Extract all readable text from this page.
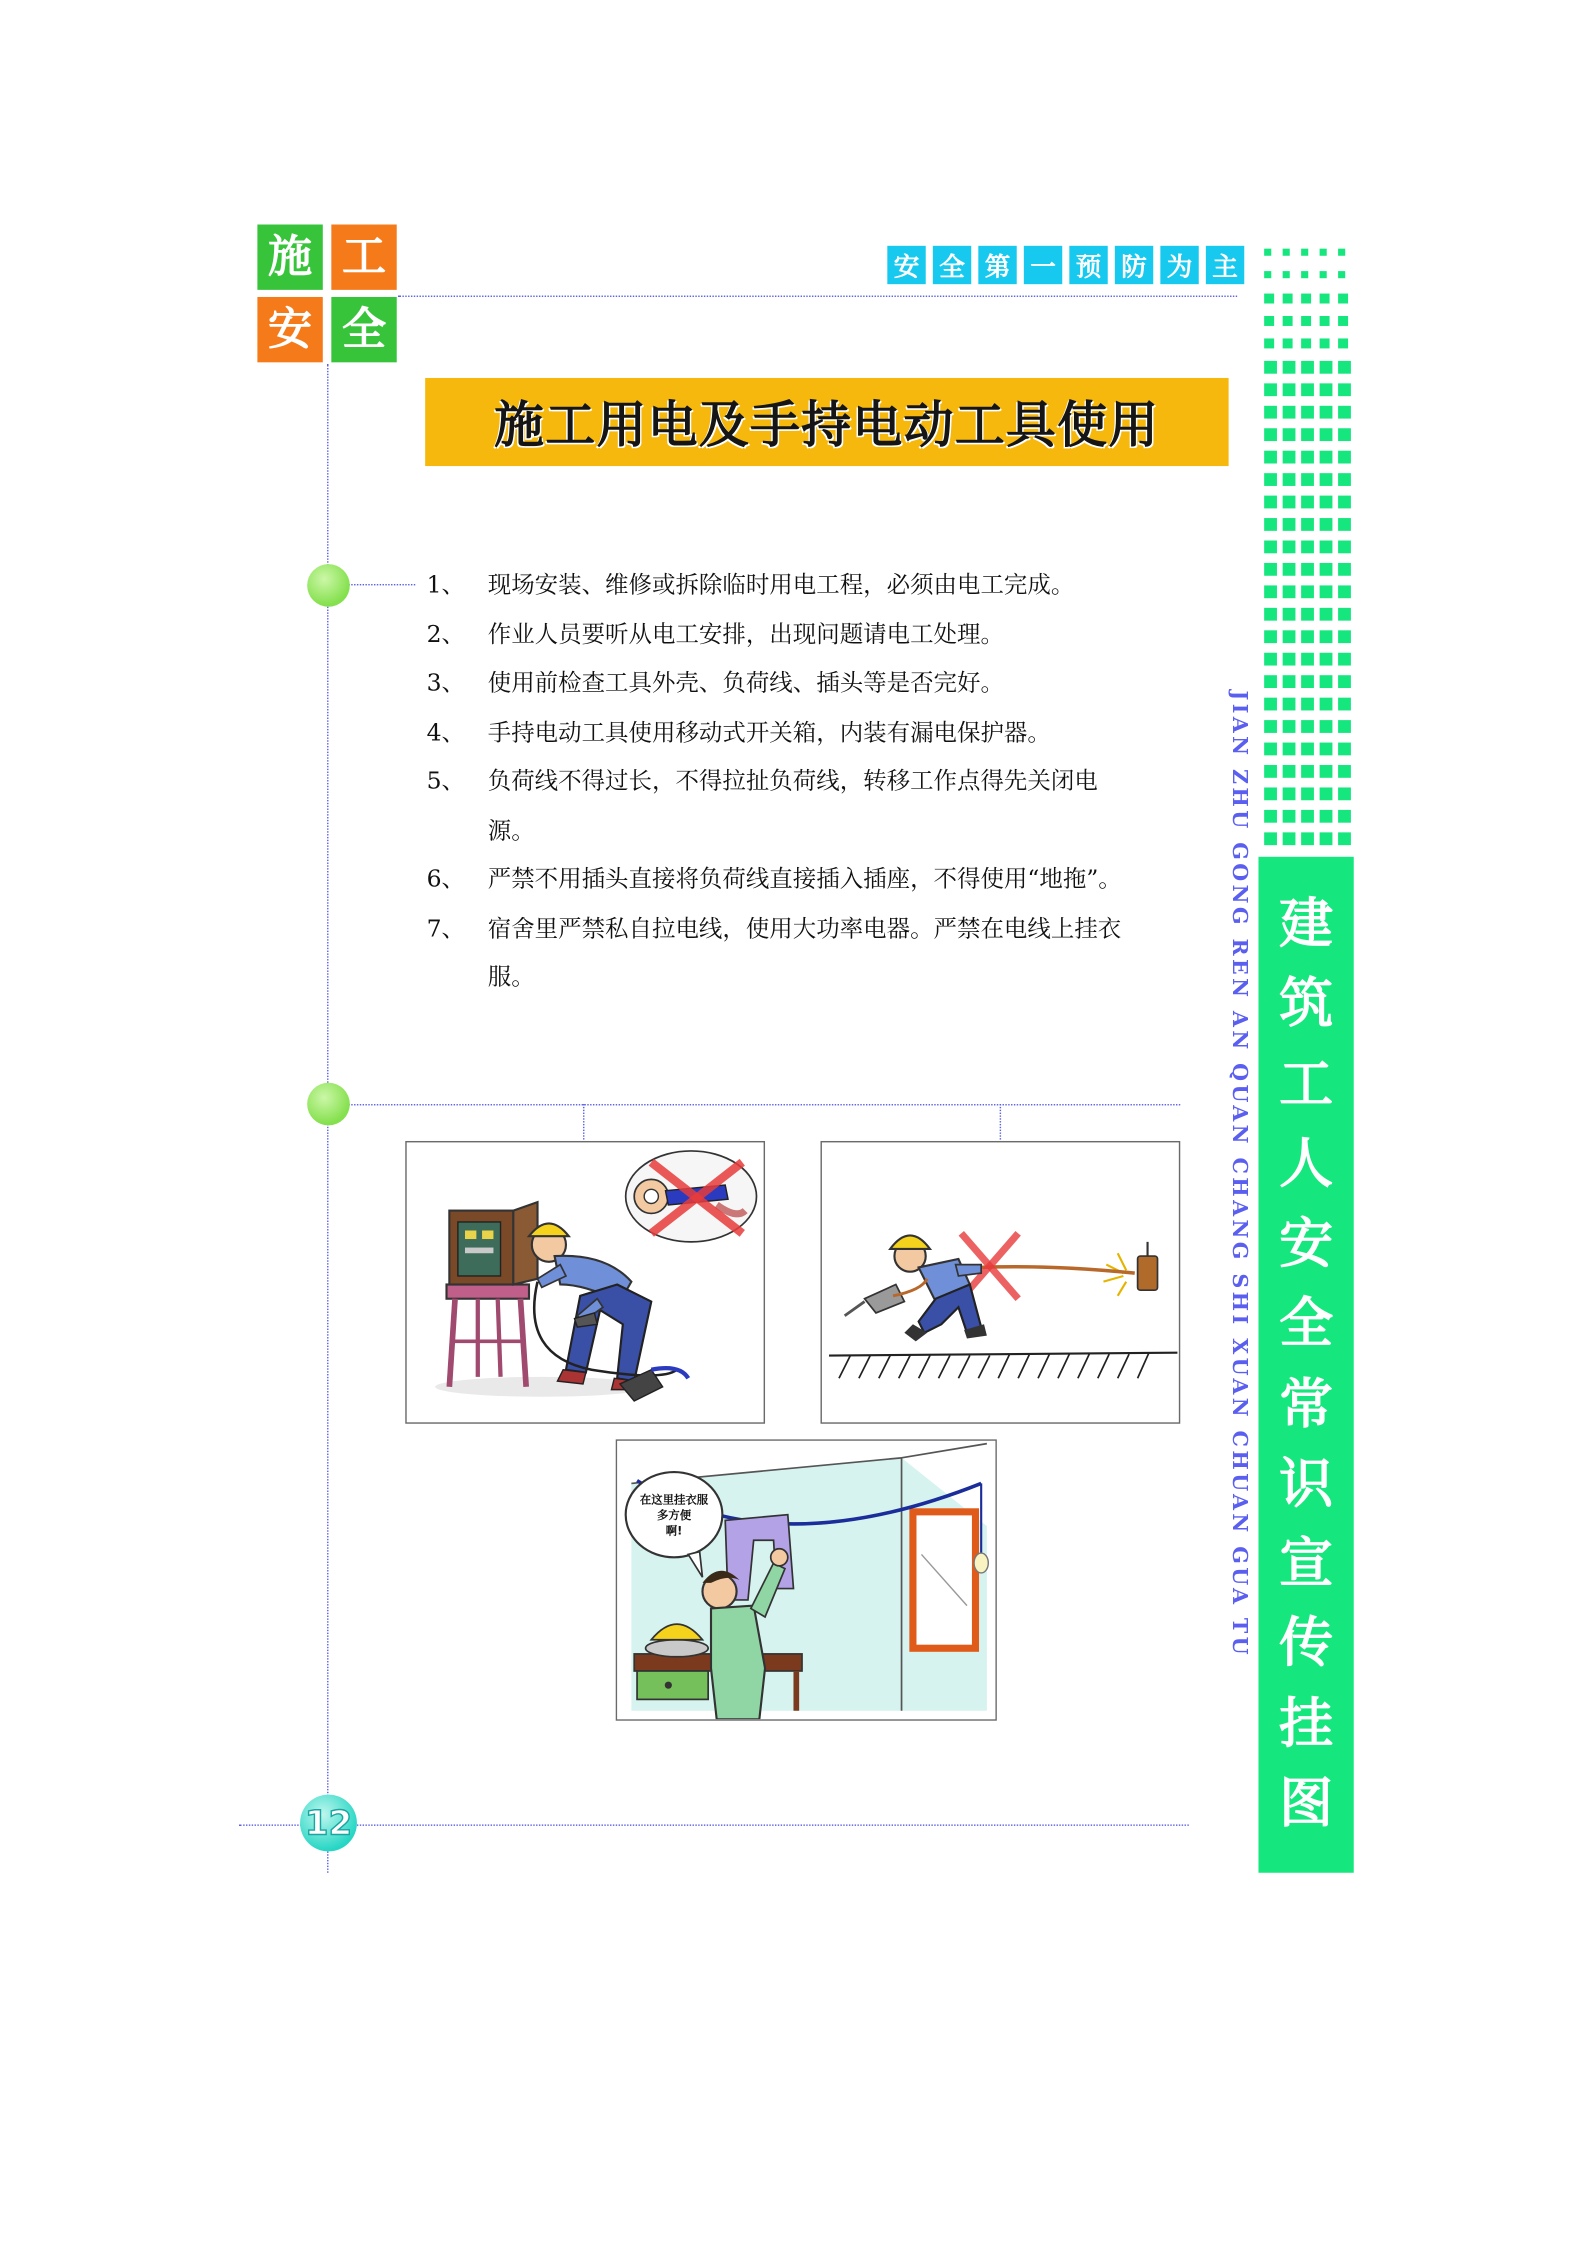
施 工
安 全
安	全	第	一	预	防	为	主
施工用电及手持电动工具使用
1、 现场安装、维修或拆除临时用电工程，必须由电工完成。
2、 作业人员要听从电工安排，出现问题请电工处理。
3、 使用前检查工具外壳、负荷线、插头等是否完好。
4、 手持电动工具使用移动式开关箱，内装有漏电保护器。
5、 负荷线不得过长，不得拉扯负荷线，转移工作点得先关闭电源。
6、 严禁不用插头直接将负荷线直接插入插座，不得使用“地拖”。
7、 宿舍里严禁私自拉电线，使用大功率电器。严禁在电线上挂衣服。
在这里挂衣服
多方便
啊!	JIAN ZHU GONG REN AN QUAN CHANG SHI XUAN CHUAN GUA TU 建
筑
工
人
安
全
常
识
宣
传
挂
图
12
